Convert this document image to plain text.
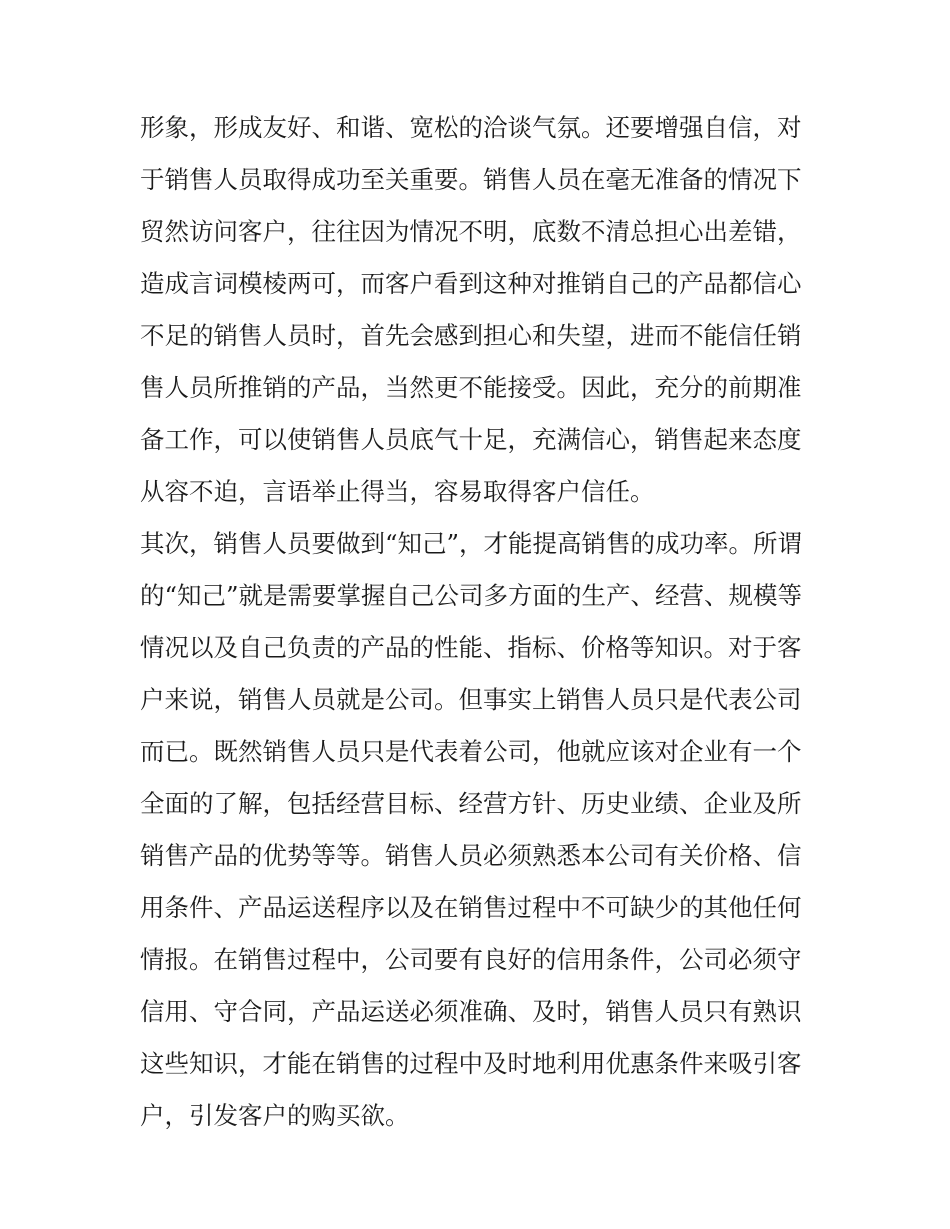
形象，形成友好、和谐、宽松的洽谈气氛。还要增强自信，对
于销售人员取得成功至关重要。销售人员在毫无准备的情况下
贸然访问客户，往往因为情况不明，底数不清总担心出差错，
造成言词模棱两可，而客户看到这种对推销自己的产品都信心
不足的销售人员时，首先会感到担心和失望，进而不能信任销
售人员所推销的产品，当然更不能接受。因此，充分的前期准
备工作，可以使销售人员底气十足，充满信心，销售起来态度
从容不迫，言语举止得当，容易取得客户信任。
其次，销售人员要做到“知己”，才能提高销售的成功率。所谓
的“知己”就是需要掌握自己公司多方面的生产、经营、规模等
情况以及自己负责的产品的性能、指标、价格等知识。对于客
户来说，销售人员就是公司。但事实上销售人员只是代表公司
而已。既然销售人员只是代表着公司，他就应该对企业有一个
全面的了解，包括经营目标、经营方针、历史业绩、企业及所
销售产品的优势等等。销售人员必须熟悉本公司有关价格、信
用条件、产品运送程序以及在销售过程中不可缺少的其他任何
情报。在销售过程中，公司要有良好的信用条件，公司必须守
信用、守合同，产品运送必须准确、及时，销售人员只有熟识
这些知识，才能在销售的过程中及时地利用优惠条件来吸引客
户，引发客户的购买欲。
